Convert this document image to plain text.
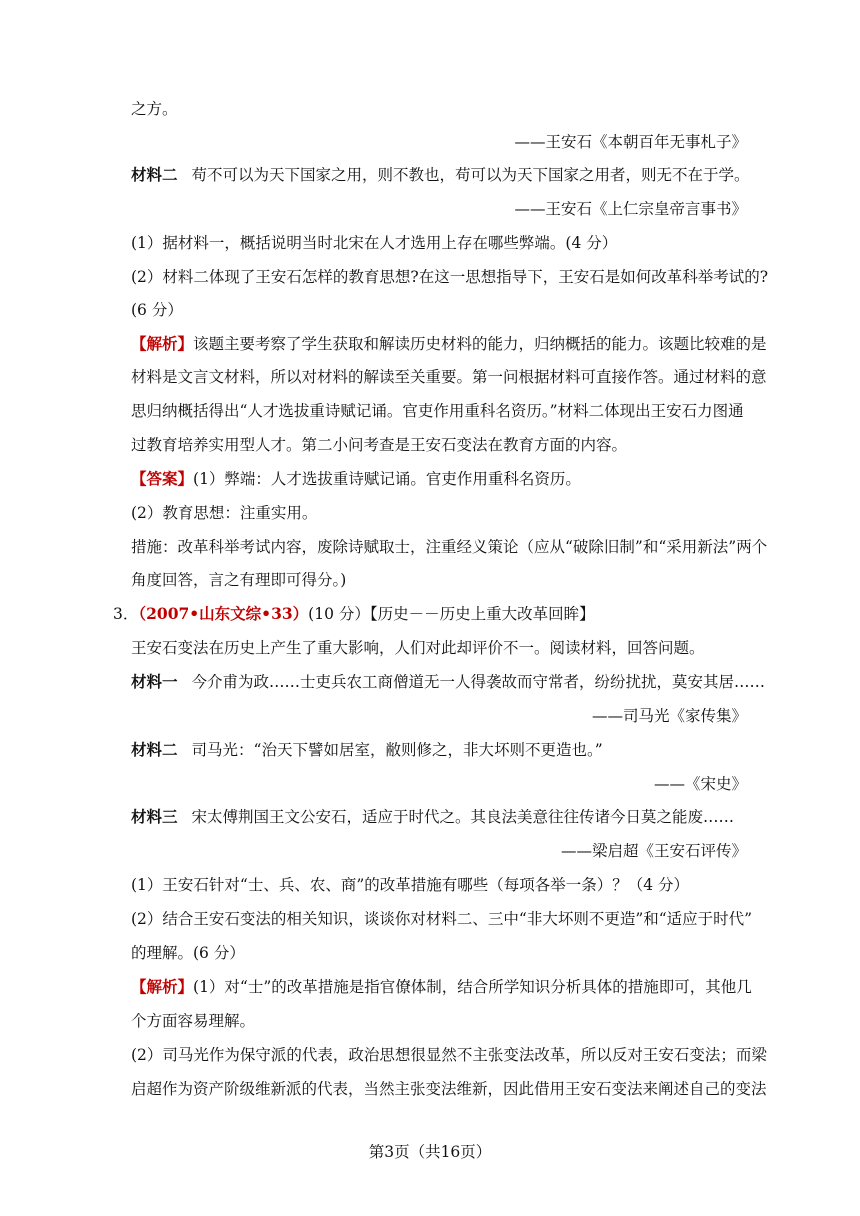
之方。
——王安石《本朝百年无事札子》
材料二 苟不可以为天下国家之用，则不教也，苟可以为天下国家之用者，则无不在于学。
——王安石《上仁宗皇帝言事书》
(1）据材料一，概括说明当时北宋在人才选用上存在哪些弊端。(4 分）
(2）材料二体现了王安石怎样的教育思想?在这一思想指导下，王安石是如何改革科举考试的?
(6 分）
【解析】该题主要考察了学生获取和解读历史材料的能力，归纳概括的能力。该题比较难的是
材料是文言文材料，所以对材料的解读至关重要。第一问根据材料可直接作答。通过材料的意
思归纳概括得出“人才选拔重诗赋记诵。官吏作用重科名资历。”材料二体现出王安石力图通
过教育培养实用型人才。第二小问考查是王安石变法在教育方面的内容。
【答案】(1）弊端：人才选拔重诗赋记诵。官吏作用重科名资历。
(2）教育思想：注重实用。
措施：改革科举考试内容，废除诗赋取士，注重经义策论（应从“破除旧制”和“采用新法”两个
角度回答，言之有理即可得分。)
3．（2007•山东文综•33）(10 分）【历史－－历史上重大改革回眸】
王安石变法在历史上产生了重大影响，人们对此却评价不一。阅读材料，回答问题。
材料一 今介甫为政……士吏兵农工商僧道无一人得袭故而守常者，纷纷扰扰，莫安其居……
——司马光《家传集》
材料二 司马光：“治天下譬如居室，敝则修之，非大坏则不更造也。”
——《宋史》
材料三 宋太傅荆国王文公安石，适应于时代之。其良法美意往往传诸今日莫之能废……
——梁启超《王安石评传》
(1）王安石针对“士、兵、农、商”的改革措施有哪些（每项各举一条）？（4 分）
(2）结合王安石变法的相关知识，谈谈你对材料二、三中“非大坏则不更造”和“适应于时代”
的理解。(6 分）
【解析】(1）对“士”的改革措施是指官僚体制，结合所学知识分析具体的措施即可，其他几
个方面容易理解。
(2）司马光作为保守派的代表，政治思想很显然不主张变法改革，所以反对王安石变法；而梁
启超作为资产阶级维新派的代表，当然主张变法维新，因此借用王安石变法来阐述自己的变法
第3页（共16页）
